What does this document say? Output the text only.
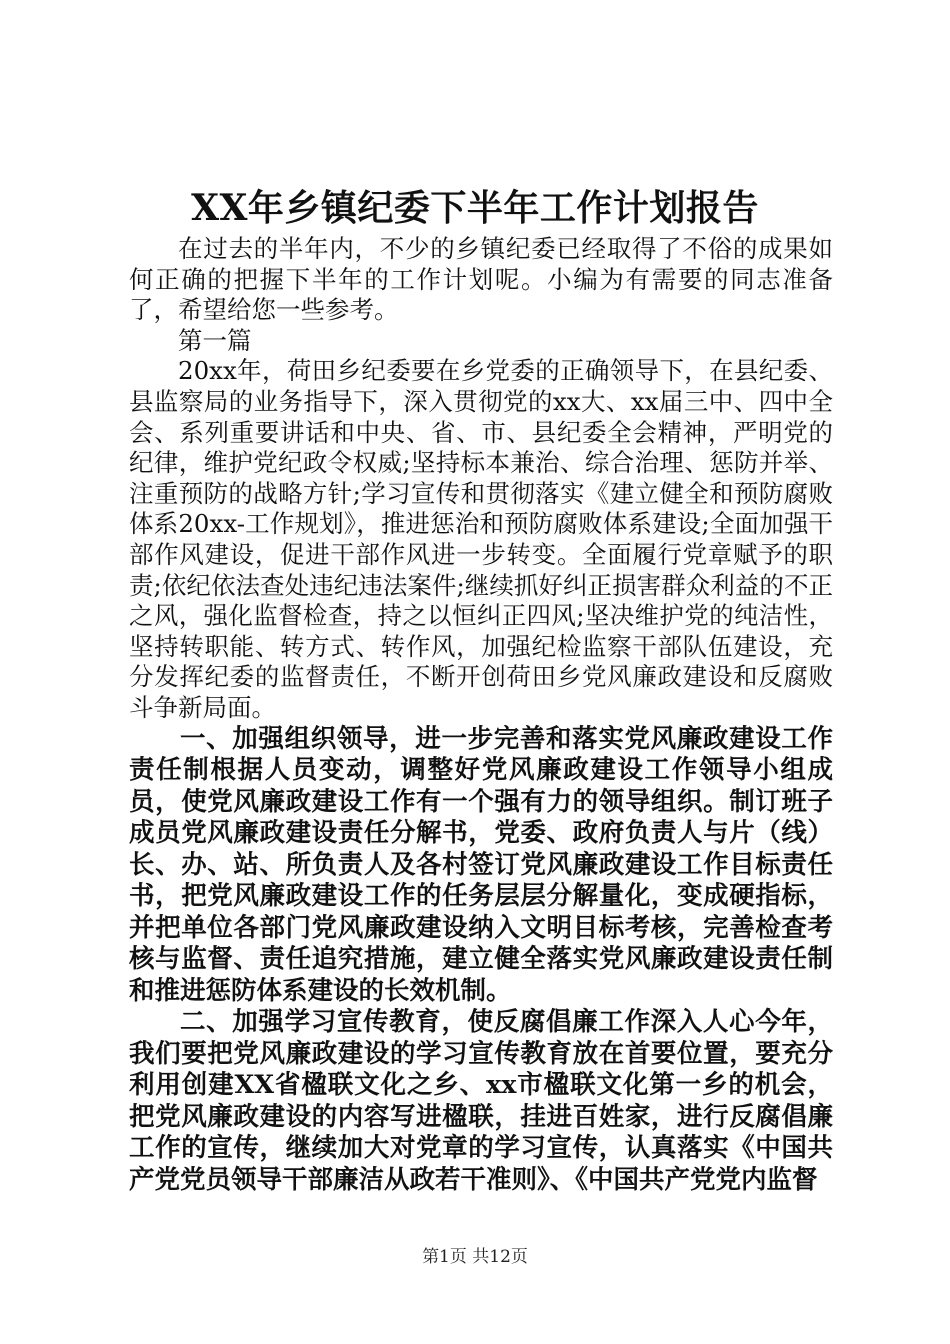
XX年乡镇纪委下半年工作计划报告

在过去的半年内，不少的乡镇纪委已经取得了不俗的成果如何正确的把握下半年的工作计划呢。小编为有需要的同志准备了，希望给您一些参考。

第一篇

20xx年，荷田乡纪委要在乡党委的正确领导下，在县纪委、县监察局的业务指导下，深入贯彻党的xx大、xx届三中、四中全会、系列重要讲话和中央、省、市、县纪委全会精神，严明党的纪律，维护党纪政令权威;坚持标本兼治、综合治理、惩防并举、注重预防的战略方针;学习宣传和贯彻落实《建立健全和预防腐败体系20xx-工作规划》，推进惩治和预防腐败体系建设;全面加强干部作风建设，促进干部作风进一步转变。全面履行党章赋予的职责;依纪依法查处违纪违法案件;继续抓好纠正损害群众利益的不正之风，强化监督检查，持之以恒纠正四风;坚决维护党的纯洁性，坚持转职能、转方式、转作风，加强纪检监察干部队伍建设，充分发挥纪委的监督责任，不断开创荷田乡党风廉政建设和反腐败斗争新局面。

一、加强组织领导，进一步完善和落实党风廉政建设工作责任制根据人员变动，调整好党风廉政建设工作领导小组成员，使党风廉政建设工作有一个强有力的领导组织。制订班子成员党风廉政建设责任分解书，党委、政府负责人与片（线）长、办、站、所负责人及各村签订党风廉政建设工作目标责任书，把党风廉政建设工作的任务层层分解量化，变成硬指标，并把单位各部门党风廉政建设纳入文明目标考核，完善检查考核与监督、责任追究措施，建立健全落实党风廉政建设责任制和推进惩防体系建设的长效机制。

二、加强学习宣传教育，使反腐倡廉工作深入人心今年，我们要把党风廉政建设的学习宣传教育放在首要位置，要充分利用创建XX省楹联文化之乡、xx市楹联文化第一乡的机会，把党风廉政建设的内容写进楹联，挂进百姓家，进行反腐倡廉工作的宣传，继续加大对党章的学习宣传，认真落实《中国共产党党员领导干部廉洁从政若干准则》、《中国共产党党内监督

第1页 共12页
